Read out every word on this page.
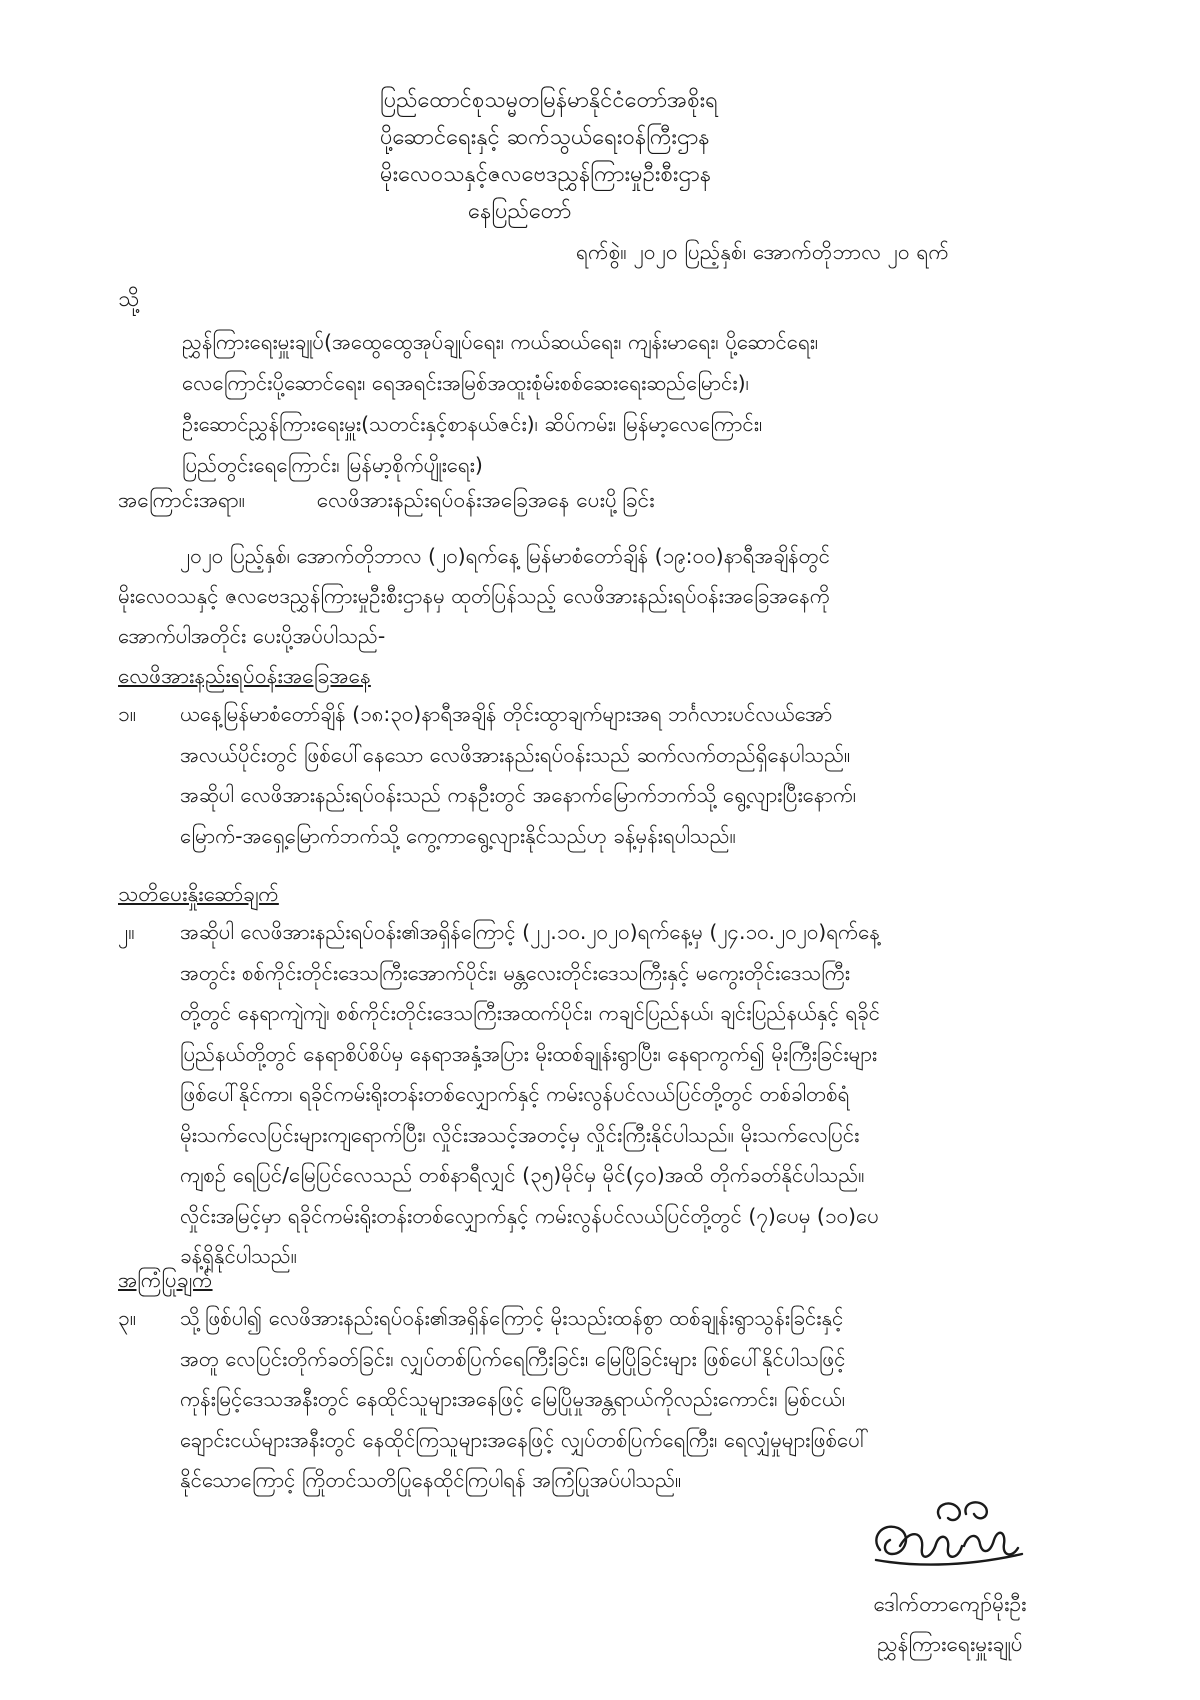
ပြည်ထောင်စုသမ္မတမြန်မာနိုင်ငံတော်အစိုးရ
ပို့ဆောင်ရေးနှင့် ဆက်သွယ်ရေးဝန်ကြီးဌာန
မိုးလေဝသနှင့်ဇလဗေဒညွှန်ကြားမှုဦးစီးဌာန
နေပြည်တော်
ရက်စွဲ။ ၂၀၂၀ ပြည့်နှစ်၊ အောက်တိုဘာလ ၂၀ ရက်
သို့
ညွှန်ကြားရေးမှူးချုပ်(အထွေထွေအုပ်ချုပ်ရေး၊ ကယ်ဆယ်ရေး၊ ကျန်းမာရေး၊ ပို့ဆောင်ရေး၊
လေကြောင်းပို့ဆောင်ရေး၊ ရေအရင်းအမြစ်အထူးစုံမ်းစစ်ဆေးရေးဆည်မြောင်း)၊
ဦးဆောင်ညွှန်ကြားရေးမှူး(သတင်းနှင့်စာနယ်ဇင်း)၊ ဆိပ်ကမ်း၊ မြန်မာ့လေကြောင်း၊
ပြည်တွင်းရေကြောင်း၊ မြန်မာ့စိုက်ပျိုးရေး)
အကြောင်းအရာ။	လေဖိအားနည်းရပ်ဝန်းအခြေအနေ ပေးပို့ခြင်း
၂၀၂၀ ပြည့်နှစ်၊ အောက်တိုဘာလ (၂၀)ရက်နေ့ မြန်မာစံတော်ချိန် (၁၉:၀၀)နာရီအချိန်တွင်
မိုးလေဝသနှင့် ဇလဗေဒညွှန်ကြားမှုဦးစီးဌာနမှ ထုတ်ပြန်သည့် လေဖိအားနည်းရပ်ဝန်းအခြေအနေကို
အောက်ပါအတိုင်း ပေးပို့အပ်ပါသည်-
လေဖိအားနည်းရပ်ဝန်းအခြေအနေ
၁။ ယနေ့မြန်မာစံတော်ချိန် (၁၈:၃၀)နာရီအချိန် တိုင်းထွာချက်များအရ ဘင်္ဂလားပင်လယ်အော်
အလယ်ပိုင်းတွင် ဖြစ်ပေါ်နေသော လေဖိအားနည်းရပ်ဝန်းသည် ဆက်လက်တည်ရှိနေပါသည်။
အဆိုပါ လေဖိအားနည်းရပ်ဝန်းသည် ကနဦးတွင် အနောက်မြောက်ဘက်သို့ ရွေ့လျားပြီးနောက်၊
မြောက်-အရှေ့မြောက်ဘက်သို့ ကွေ့ကာရွေ့လျားနိုင်သည်ဟု ခန့်မှန်းရပါသည်။
သတိပေးနှိုးဆော်ချက်
၂။ အဆိုပါ လေဖိအားနည်းရပ်ဝန်း၏အရှိန်ကြောင့် (၂၂.၁၀.၂၀၂၀)ရက်နေ့မှ (၂၄.၁၀.၂၀၂၀)ရက်နေ့
အတွင်း စစ်ကိုင်းတိုင်းဒေသကြီးအောက်ပိုင်း၊ မန္တလေးတိုင်းဒေသကြီးနှင့် မကွေးတိုင်းဒေသကြီး
တို့တွင် နေရာကျဲကျဲ၊ စစ်ကိုင်းတိုင်းဒေသကြီးအထက်ပိုင်း၊ ကချင်ပြည်နယ်၊ ချင်းပြည်နယ်နှင့် ရခိုင်
ပြည်နယ်တို့တွင် နေရာစိပ်စိပ်မှ နေရာအနှံ့အပြား မိုးထစ်ချုန်းရွာပြီး၊ နေရာကွက်၍ မိုးကြီးခြင်းများ
ဖြစ်ပေါ်နိုင်ကာ၊ ရခိုင်ကမ်းရိုးတန်းတစ်လျှောက်နှင့် ကမ်းလွန်ပင်လယ်ပြင်တို့တွင် တစ်ခါတစ်ရံ
မိုးသက်လေပြင်းများကျရောက်ပြီး၊ လှိုင်းအသင့်အတင့်မှ လှိုင်းကြီးနိုင်ပါသည်။ မိုးသက်လေပြင်း
ကျစဉ် ရေပြင်/မြေပြင်လေသည် တစ်နာရီလျှင် (၃၅)မိုင်မှ မိုင်(၄၀)အထိ တိုက်ခတ်နိုင်ပါသည်။
လှိုင်းအမြင့်မှာ ရခိုင်ကမ်းရိုးတန်းတစ်လျှောက်နှင့် ကမ်းလွန်ပင်လယ်ပြင်တို့တွင် (၇)ပေမှ (၁၀)ပေ
ခန့်ရှိနိုင်ပါသည်။
အကြံပြုချက်
၃။ သို့ဖြစ်ပါ၍ လေဖိအားနည်းရပ်ဝန်း၏အရှိန်ကြောင့် မိုးသည်းထန်စွာ ထစ်ချုန်းရွာသွန်းခြင်းနှင့်
အတူ လေပြင်းတိုက်ခတ်ခြင်း၊ လျှပ်တစ်ပြက်ရေကြီးခြင်း၊ မြေပြိုခြင်းများ ဖြစ်ပေါ်နိုင်ပါသဖြင့်
ကုန်းမြင့်ဒေသအနီးတွင် နေထိုင်သူများအနေဖြင့် မြေပြိုမှုအန္တရာယ်ကိုလည်းကောင်း၊ မြစ်ငယ်၊
ချောင်းငယ်များအနီးတွင် နေထိုင်ကြသူများအနေဖြင့် လျှပ်တစ်ပြက်ရေကြီး၊ ရေလျှံမှုများဖြစ်ပေါ်
နိုင်သောကြောင့် ကြိုတင်သတိပြုနေထိုင်ကြပါရန် အကြံပြုအပ်ပါသည်။
ဒေါက်တာကျော်မိုးဦး
ညွှန်ကြားရေးမှူးချုပ်
